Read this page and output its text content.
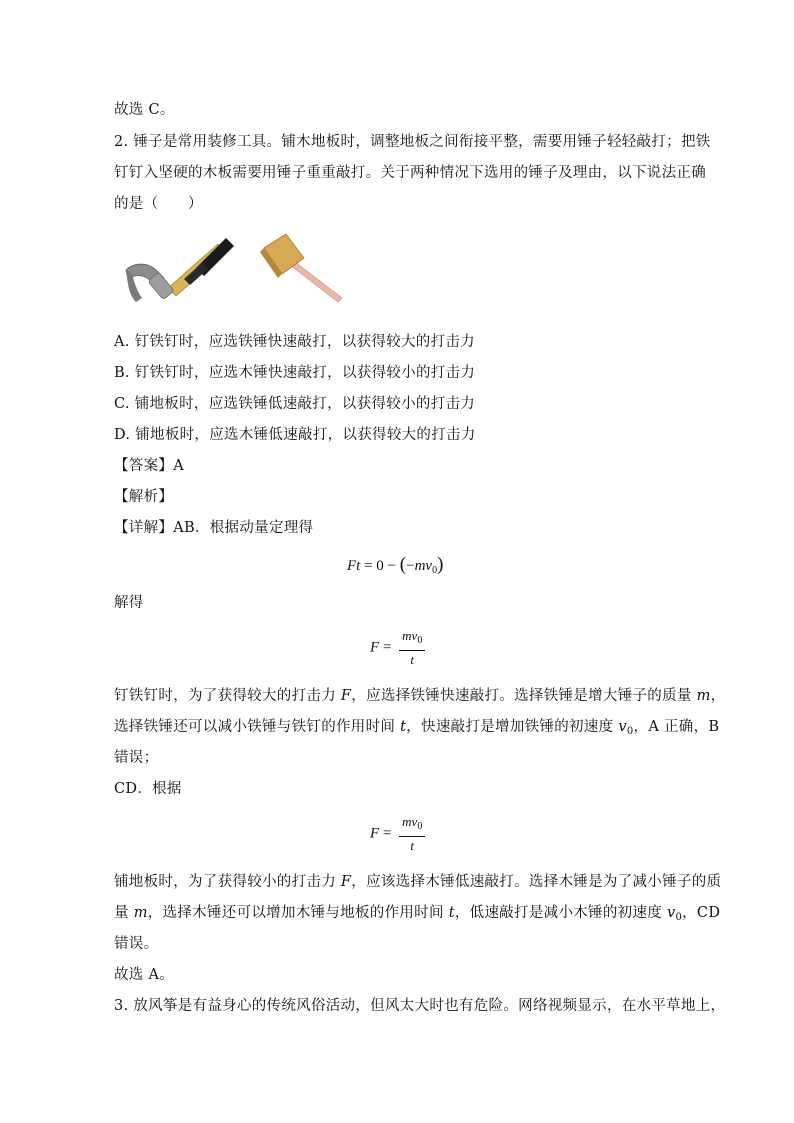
故选 C。
2. 锤子是常用装修工具。铺木地板时，调整地板之间衔接平整，需要用锤子轻轻敲打；把铁
钉钉入坚硬的木板需要用锤子重重敲打。关于两种情况下选用的锤子及理由，以下说法正确
的是（　　）
A. 钉铁钉时，应选铁锤快速敲打，以获得较大的打击力
B. 钉铁钉时，应选木锤快速敲打，以获得较小的打击力
C. 铺地板时，应选铁锤低速敲打，以获得较小的打击力
D. 铺地板时，应选木锤低速敲打，以获得较大的打击力
【答案】A
【解析】
【详解】AB．根据动量定理得
$Ft = 0 - (-mv_0)$
解得
$F = \frac{mv_0}{t}$
钉铁钉时，为了获得较大的打击力 F，应选择铁锤快速敲打。选择铁锤是增大锤子的质量 m，
选择铁锤还可以减小铁锤与铁钉的作用时间 t，快速敲打是增加铁锤的初速度 $v_0$，A 正确，B
错误；
CD．根据
$F = \frac{mv_0}{t}$
铺地板时，为了获得较小的打击力 F，应该选择木锤低速敲打。选择木锤是为了减小锤子的质
量 m，选择木锤还可以增加木锤与地板的作用时间 t，低速敲打是减小木锤的初速度 $v_0$，CD
错误。
故选 A。
3. 放风筝是有益身心的传统风俗活动，但风太大时也有危险。网络视频显示，在水平草地上，
